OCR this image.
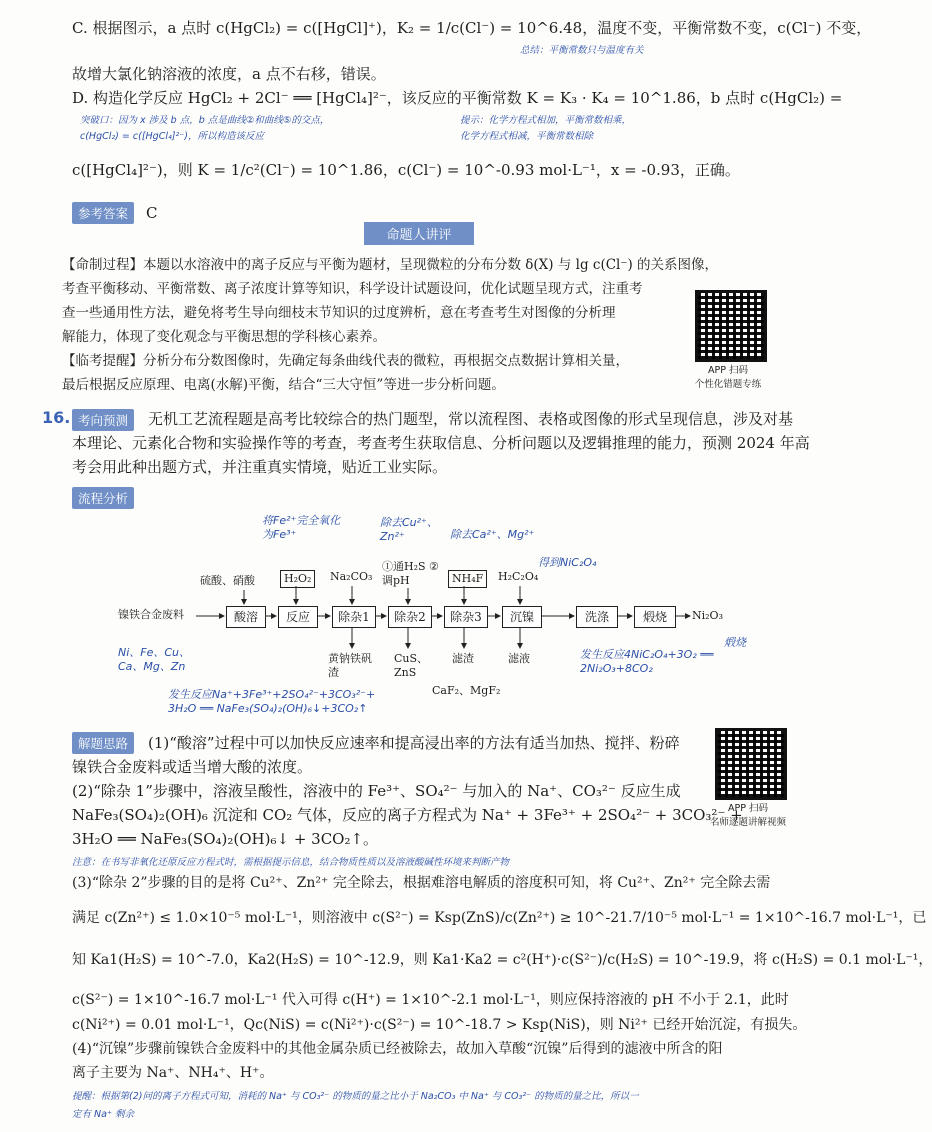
C. 根据图示，a 点时 c(HgCl₂) = c([HgCl]⁺)，K₂ = 1/c(Cl⁻) = 10^6.48，温度不变，平衡常数不变，c(Cl⁻) 不变，
总结：平衡常数只与温度有关
故增大氯化钠溶液的浓度，a 点不右移，错误。
D. 构造化学反应 HgCl₂ + 2Cl⁻ ══ [HgCl₄]²⁻，该反应的平衡常数 K = K₃ · K₄ = 10^1.86，b 点时 c(HgCl₂) =
突破口：因为 x 涉及 b 点，b 点是曲线②和曲线⑤的交点，
c(HgCl₂) = c([HgCl₄]²⁻)，所以构造该反应
提示：化学方程式相加，平衡常数相乘，
化学方程式相减，平衡常数相除
c([HgCl₄]²⁻)，则 K = 1/c²(Cl⁻) = 10^1.86，c(Cl⁻) = 10^-0.93 mol·L⁻¹，x = -0.93，正确。
参考答案	C
命题人讲评
【命制过程】本题以水溶液中的离子反应与平衡为题材，呈现微粒的分布分数 δ(X) 与 lg c(Cl⁻) 的关系图像，
考查平衡移动、平衡常数、离子浓度计算等知识，科学设计试题设问，优化试题呈现方式，注重考
查一些通用性方法，避免将考生导向细枝末节知识的过度辨析，意在考查考生对图像的分析理
解能力，体现了变化观念与平衡思想的学科核心素养。
【临考提醒】分析分布分数图像时，先确定每条曲线代表的微粒，再根据交点数据计算相关量，
最后根据反应原理、电离(水解)平衡，结合“三大守恒”等进一步分析问题。
APP 扫码
个性化错题专练
16. 考向预测	无机工艺流程题是高考比较综合的热门题型，常以流程图、表格或图像的形式呈现信息，涉及对基
本理论、元素化合物和实验操作等的考查，考查考生获取信息、分析问题以及逻辑推理的能力，预测 2024 年高
考会用此种出题方式，并注重真实情境，贴近工业实际。
流程分析
镍铁合金废料	酸溶	反应	除杂1	除杂2	除杂3	沉镍	洗涤	煅烧	Ni₂O₃
硫酸、硝酸	H₂O₂	Na₂CO₃
①通H₂S ②调pH	NH₄F	H₂C₂O₄
黄钠铁矾渣
CuS、ZnS
滤渣	滤液
CaF₂、MgF₂
将Fe²⁺完全氧化为Fe³⁺
除去Cu²⁺、Zn²⁺	除去Ca²⁺、Mg²⁺
得到NiC₂O₄
Ni、Fe、Cu、Ca、Mg、Zn
发生反应Na⁺+3Fe³⁺+2SO₄²⁻+3CO₃²⁻+ 3H₂O ══ NaFe₃(SO₄)₂(OH)₆↓+3CO₂↑
发生反应4NiC₂O₄+3O₂ ══ 2Ni₂O₃+8CO₂
煅烧
解题思路	(1)“酸溶”过程中可以加快反应速率和提高浸出率的方法有适当加热、搅拌、粉碎
镍铁合金废料或适当增大酸的浓度。
(2)“除杂 1”步骤中，溶液呈酸性，溶液中的 Fe³⁺、SO₄²⁻ 与加入的 Na⁺、CO₃²⁻ 反应生成
NaFe₃(SO₄)₂(OH)₆ 沉淀和 CO₂ 气体，反应的离子方程式为 Na⁺ + 3Fe³⁺ + 2SO₄²⁻ + 3CO₃²⁻ +
3H₂O ══ NaFe₃(SO₄)₂(OH)₆↓ + 3CO₂↑。
注意：在书写非氧化还原反应方程式时，需根据提示信息，结合物质性质以及溶液酸碱性环境来判断产物
(3)“除杂 2”步骤的目的是将 Cu²⁺、Zn²⁺ 完全除去，根据难溶电解质的溶度积可知，将 Cu²⁺、Zn²⁺ 完全除去需
满足 c(Zn²⁺) ≤ 1.0×10⁻⁵ mol·L⁻¹，则溶液中 c(S²⁻) = Ksp(ZnS)/c(Zn²⁺) ≥ 10^-21.7/10⁻⁵ mol·L⁻¹ = 1×10^-16.7 mol·L⁻¹，已
知 Ka1(H₂S) = 10^-7.0，Ka2(H₂S) = 10^-12.9，则 Ka1·Ka2 = c²(H⁺)·c(S²⁻)/c(H₂S) = 10^-19.9，将 c(H₂S) = 0.1 mol·L⁻¹，
c(S²⁻) = 1×10^-16.7 mol·L⁻¹ 代入可得 c(H⁺) = 1×10^-2.1 mol·L⁻¹，则应保持溶液的 pH 不小于 2.1，此时
c(Ni²⁺) = 0.01 mol·L⁻¹，Qc(NiS) = c(Ni²⁺)·c(S²⁻) = 10^-18.7 > Ksp(NiS)，则 Ni²⁺ 已经开始沉淀，有损失。
(4)“沉镍”步骤前镍铁合金废料中的其他金属杂质已经被除去，故加入草酸“沉镍”后得到的滤液中所含的阳
离子主要为 Na⁺、NH₄⁺、H⁺。
提醒：根据第(2)问的离子方程式可知，消耗的 Na⁺ 与 CO₃²⁻ 的物质的量之比小于 Na₂CO₃ 中 Na⁺ 与 CO₃²⁻ 的物质的量之比，所以一
定有 Na⁺ 剩余
APP 扫码
名师逐题讲解视频
